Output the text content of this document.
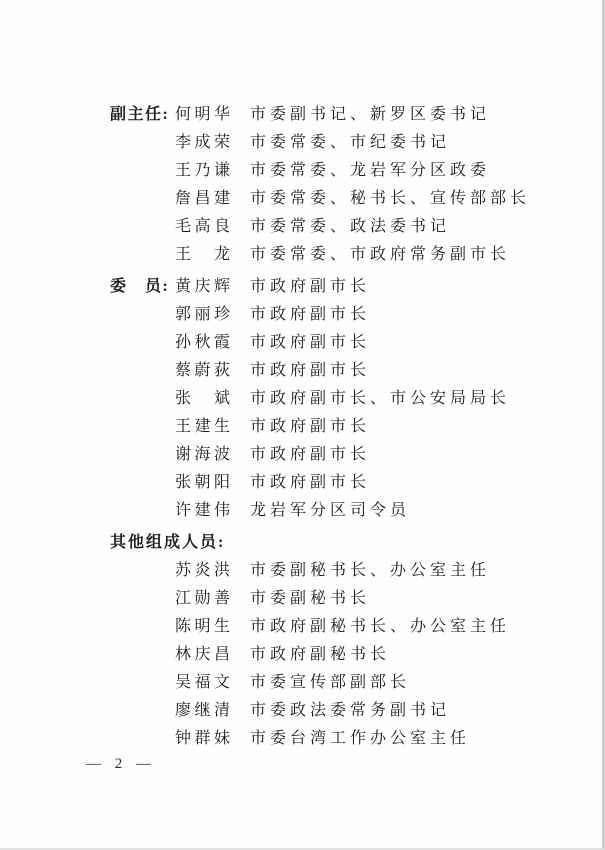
副主任: 何明华	市委副书记、新罗区委书记
李成荣	市委常委、市纪委书记
王乃谦	市委常委、龙岩军分区政委
詹昌建	市委常委、秘书长、宣传部部长
毛高良	市委常委、政法委书记
王　龙	市委常委、市政府常务副市长
委　员: 黄庆辉	市政府副市长
郭丽珍	市政府副市长
孙秋霞	市政府副市长
蔡蔚荻	市政府副市长
张　斌	市政府副市长、市公安局局长
王建生	市政府副市长
谢海波	市政府副市长
张朝阳	市政府副市长
许建伟	龙岩军分区司令员
其他组成人员:
苏炎洪	市委副秘书长、办公室主任
江勋善	市委副秘书长
陈明生	市政府副秘书长、办公室主任
林庆昌	市政府副秘书长
吴福文	市委宣传部副部长
廖继清	市委政法委常务副书记
钟群妹	市委台湾工作办公室主任
— 2 —
